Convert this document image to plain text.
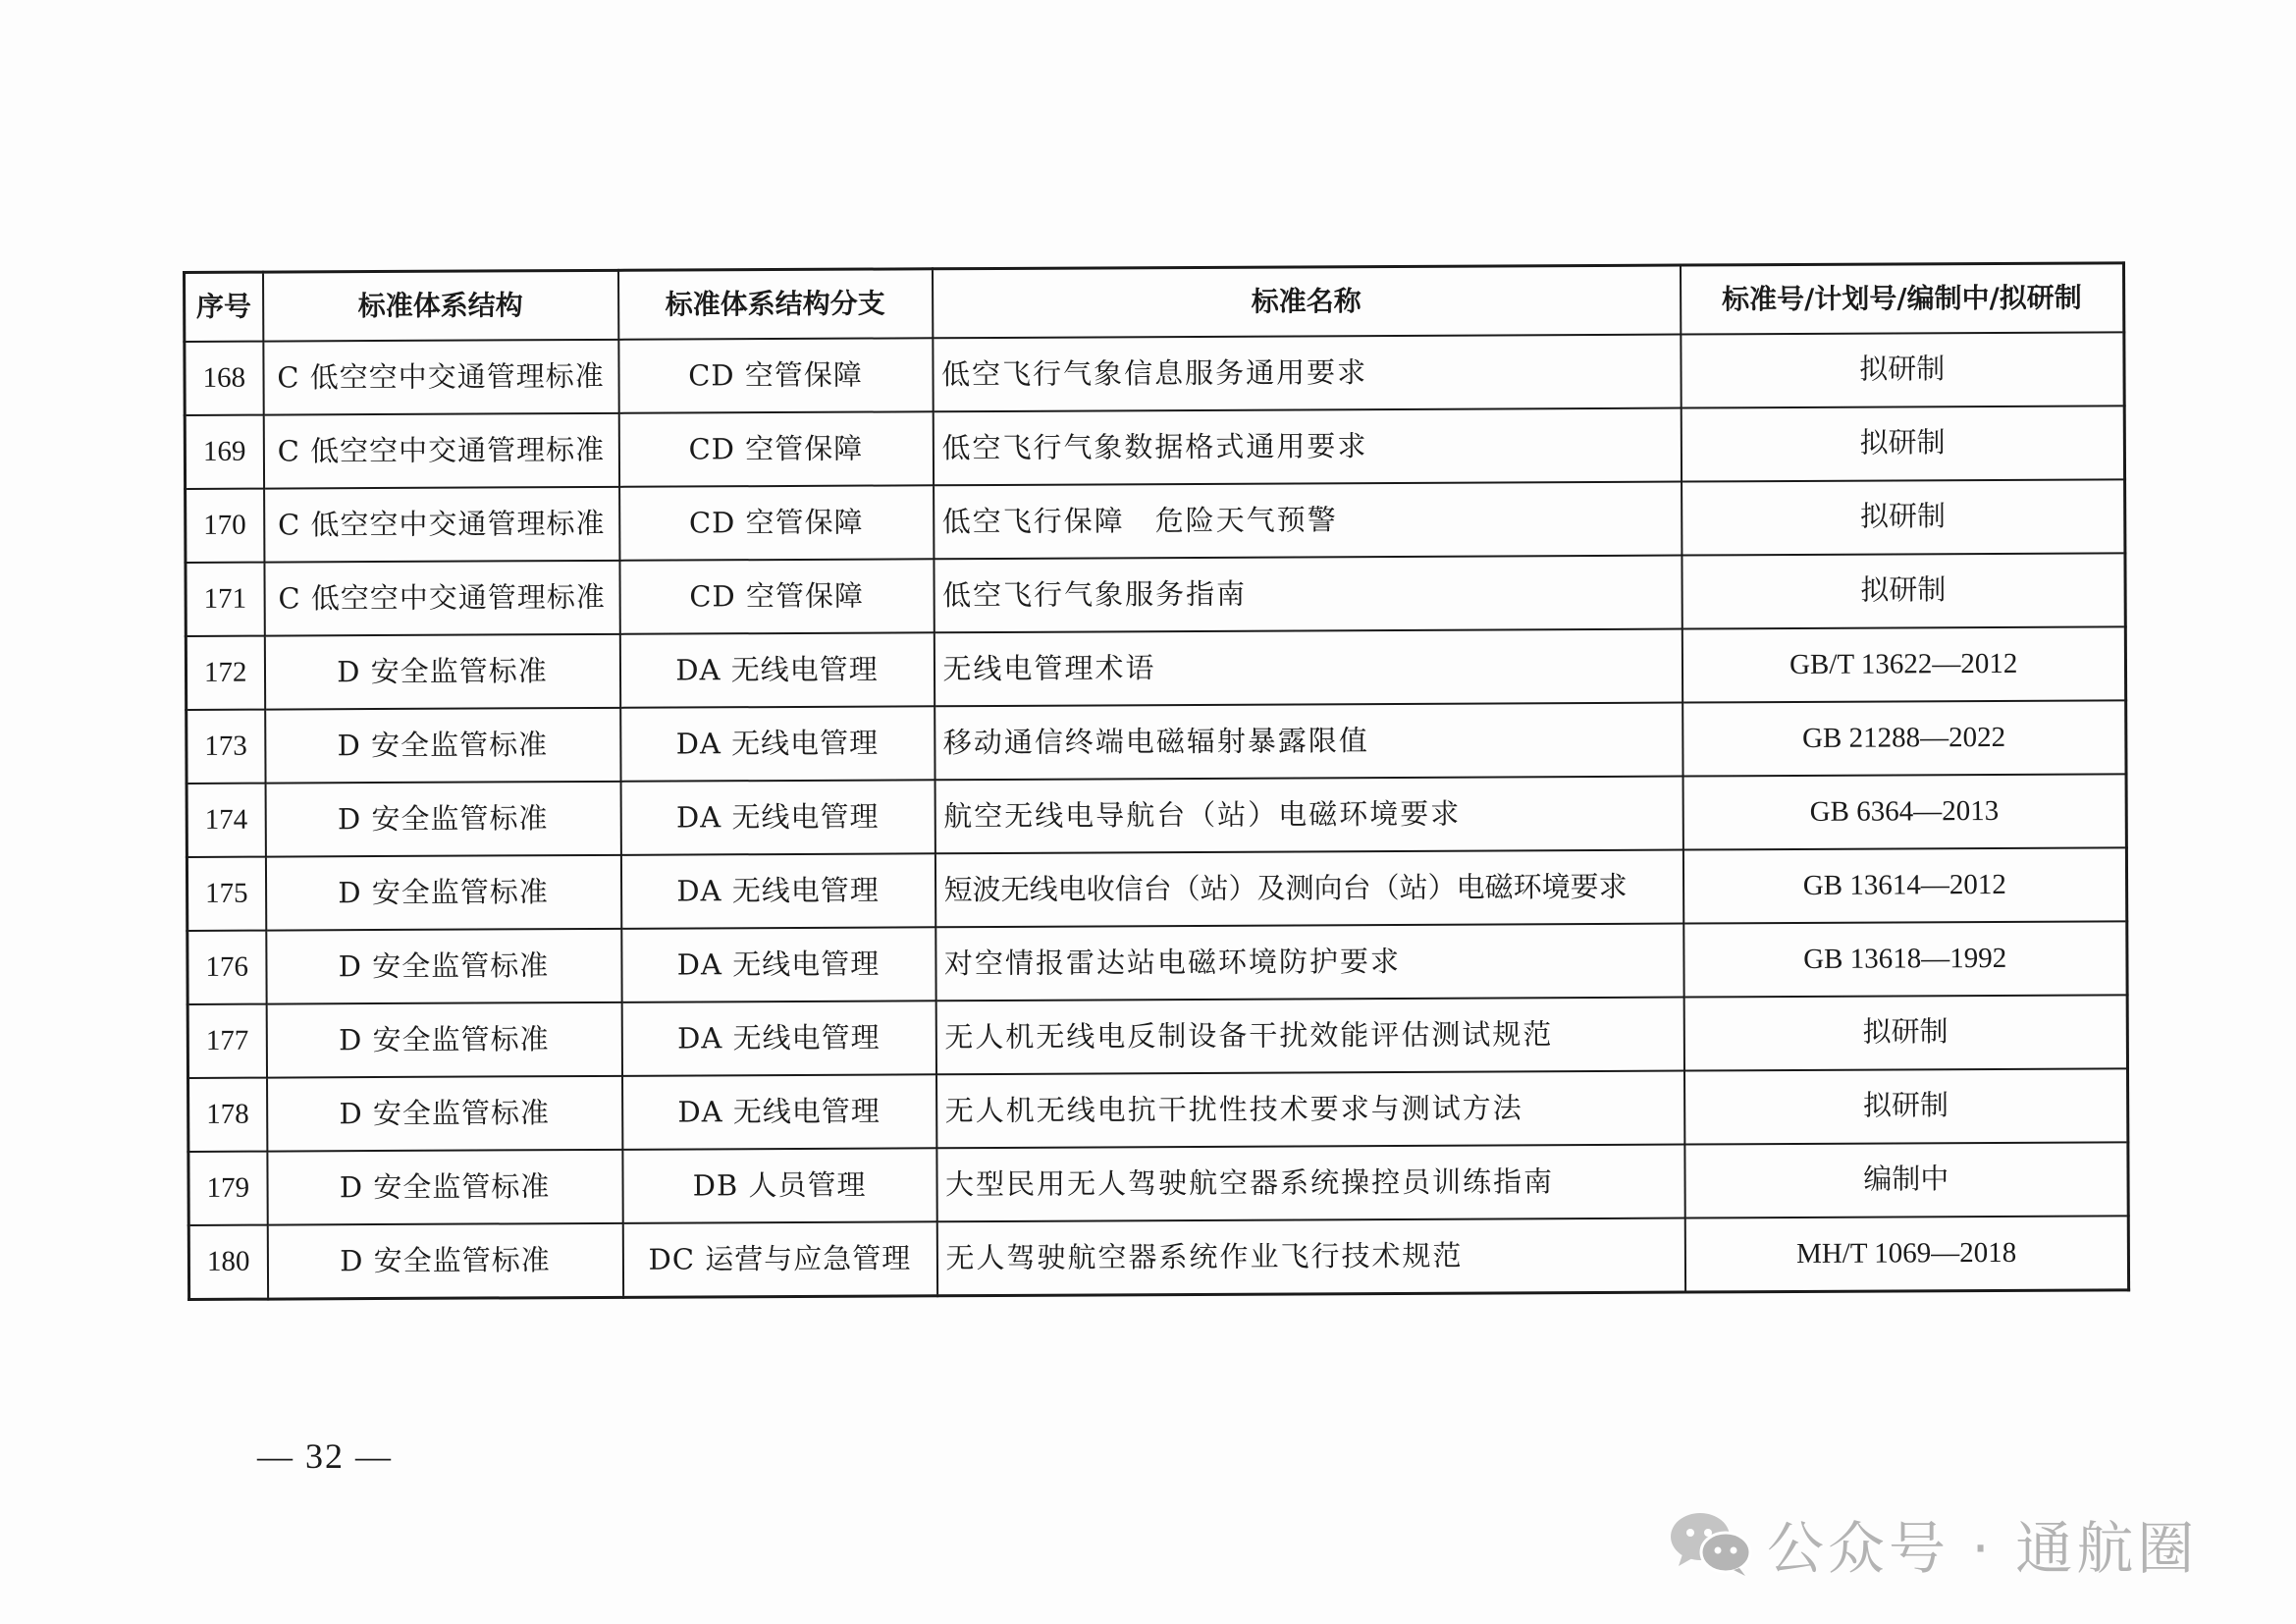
序号	标准体系结构	标准体系结构分支	标准名称	标准号/计划号/编制中/拟研制
168	C 低空空中交通管理标准	CD 空管保障	低空飞行气象信息服务通用要求	拟研制
169	C 低空空中交通管理标准	CD 空管保障	低空飞行气象数据格式通用要求	拟研制
170	C 低空空中交通管理标准	CD 空管保障	低空飞行保障　危险天气预警	拟研制
171	C 低空空中交通管理标准	CD 空管保障	低空飞行气象服务指南	拟研制
172	D 安全监管标准	DA 无线电管理	无线电管理术语	GB/T 13622—2012
173	D 安全监管标准	DA 无线电管理	移动通信终端电磁辐射暴露限值	GB 21288—2022
174	D 安全监管标准	DA 无线电管理	航空无线电导航台（站）电磁环境要求	GB 6364—2013
175	D 安全监管标准	DA 无线电管理	短波无线电收信台（站）及测向台（站）电磁环境要求	GB 13614—2012
176	D 安全监管标准	DA 无线电管理	对空情报雷达站电磁环境防护要求	GB 13618—1992
177	D 安全监管标准	DA 无线电管理	无人机无线电反制设备干扰效能评估测试规范	拟研制
178	D 安全监管标准	DA 无线电管理	无人机无线电抗干扰性技术要求与测试方法	拟研制
179	D 安全监管标准	DB 人员管理	大型民用无人驾驶航空器系统操控员训练指南	编制中
180	D 安全监管标准	DC 运营与应急管理	无人驾驶航空器系统作业飞行技术规范	MH/T 1069—2018
— 32 —
公众号 · 通航圈
